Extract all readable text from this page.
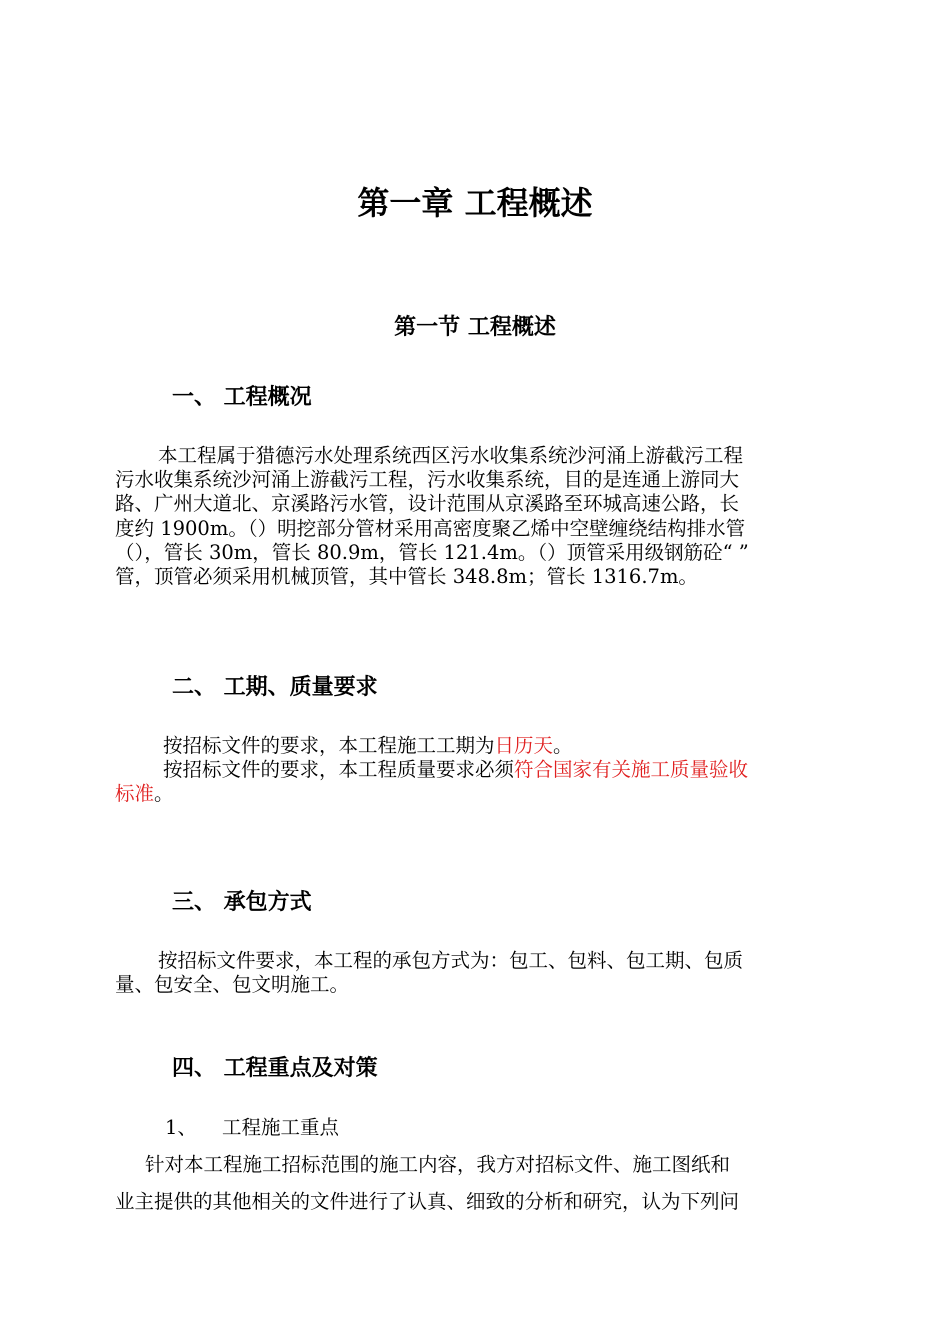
第一章 工程概述
第一节 工程概述
一、 工程概况
本工程属于猎德污水处理系统西区污水收集系统沙河涌上游截污工程
污水收集系统沙河涌上游截污工程，污水收集系统，目的是连通上游同大
路、广州大道北、京溪路污水管，设计范围从京溪路至环城高速公路，长
度约 1900m。（）明挖部分管材采用高密度聚乙烯中空壁缠绕结构排水管
（），管长 30m，管长 80.9m，管长 121.4m。（）顶管采用级钢筋砼“ ”
管，顶管必须采用机械顶管，其中管长 348.8m；管长 1316.7m。
二、 工期、质量要求
按招标文件的要求，本工程施工工期为日历天。
按招标文件的要求，本工程质量要求必须符合国家有关施工质量验收
标准。
三、 承包方式
按招标文件要求，本工程的承包方式为：包工、包料、包工期、包质
量、包安全、包文明施工。
四、 工程重点及对策
1、 工程施工重点
针对本工程施工招标范围的施工内容，我方对招标文件、施工图纸和
业主提供的其他相关的文件进行了认真、细致的分析和研究，认为下列问
